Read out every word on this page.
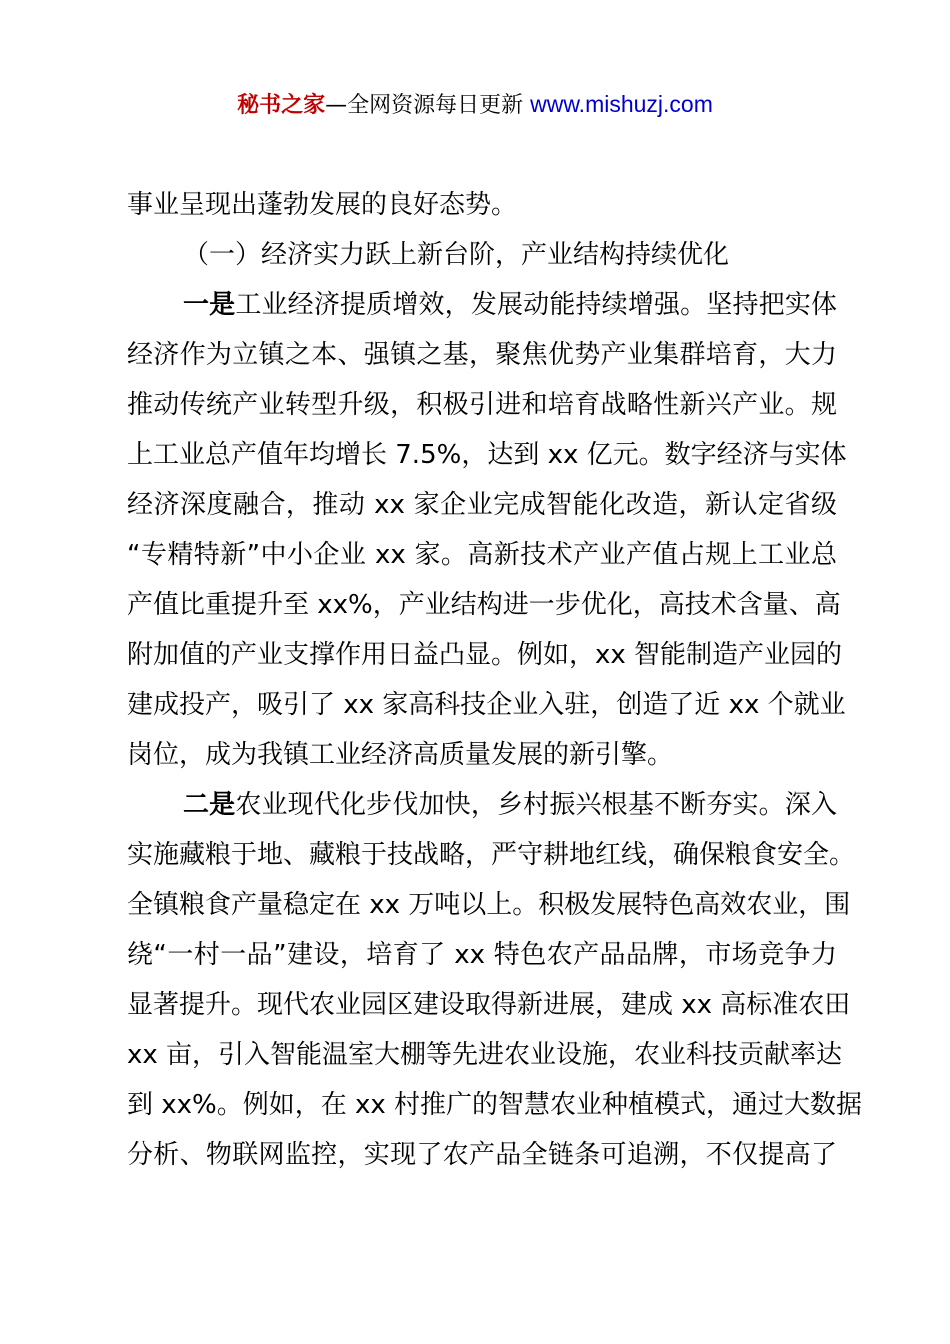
秘书之家—全网资源每日更新 www.mishuzj.com
事业呈现出蓬勃发展的良好态势。
（一）经济实力跃上新台阶，产业结构持续优化
一是工业经济提质增效，发展动能持续增强。坚持把实体
经济作为立镇之本、强镇之基，聚焦优势产业集群培育，大力
推动传统产业转型升级，积极引进和培育战略性新兴产业。规
上工业总产值年均增长 7.5%，达到 xx 亿元。数字经济与实体
经济深度融合，推动 xx 家企业完成智能化改造，新认定省级
“专精特新”中小企业 xx 家。高新技术产业产值占规上工业总
产值比重提升至 xx%，产业结构进一步优化，高技术含量、高
附加值的产业支撑作用日益凸显。例如，xx 智能制造产业园的
建成投产，吸引了 xx 家高科技企业入驻，创造了近 xx 个就业
岗位，成为我镇工业经济高质量发展的新引擎。
二是农业现代化步伐加快，乡村振兴根基不断夯实。深入
实施藏粮于地、藏粮于技战略，严守耕地红线，确保粮食安全。
全镇粮食产量稳定在 xx 万吨以上。积极发展特色高效农业，围
绕“一村一品”建设，培育了 xx 特色农产品品牌，市场竞争力
显著提升。现代农业园区建设取得新进展，建成 xx 高标准农田
xx 亩，引入智能温室大棚等先进农业设施，农业科技贡献率达
到 xx%。例如，在 xx 村推广的智慧农业种植模式，通过大数据
分析、物联网监控，实现了农产品全链条可追溯，不仅提高了
